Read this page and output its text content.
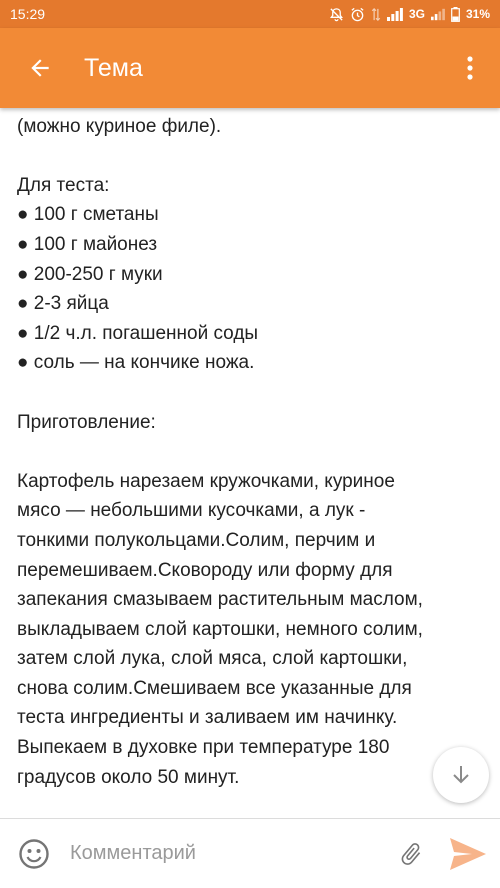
15:29	3G	31%
Тема
(можно куриное филе).
Для теста:
● 100 г сметаны
● 100 г майонез
● 200-250 г муки
● 2-3 яйца
● 1/2 ч.л. погашенной соды
● соль — на кончике ножа.
Приготовление:
Картофель нарезаем кружочками, куриное
мясо — небольшими кусочками, а лук -
тонкими полукольцами.Солим, перчим и
перемешиваем.Сковороду или форму для
запекания смазываем растительным маслом,
выкладываем слой картошки, немного солим,
затем слой лука, слой мяса, слой картошки,
снова солим.Смешиваем все указанные для
теста ингредиенты и заливаем им начинку.
Выпекаем в духовке при температуре 180
градусов около 50 минут.
Комментарий
